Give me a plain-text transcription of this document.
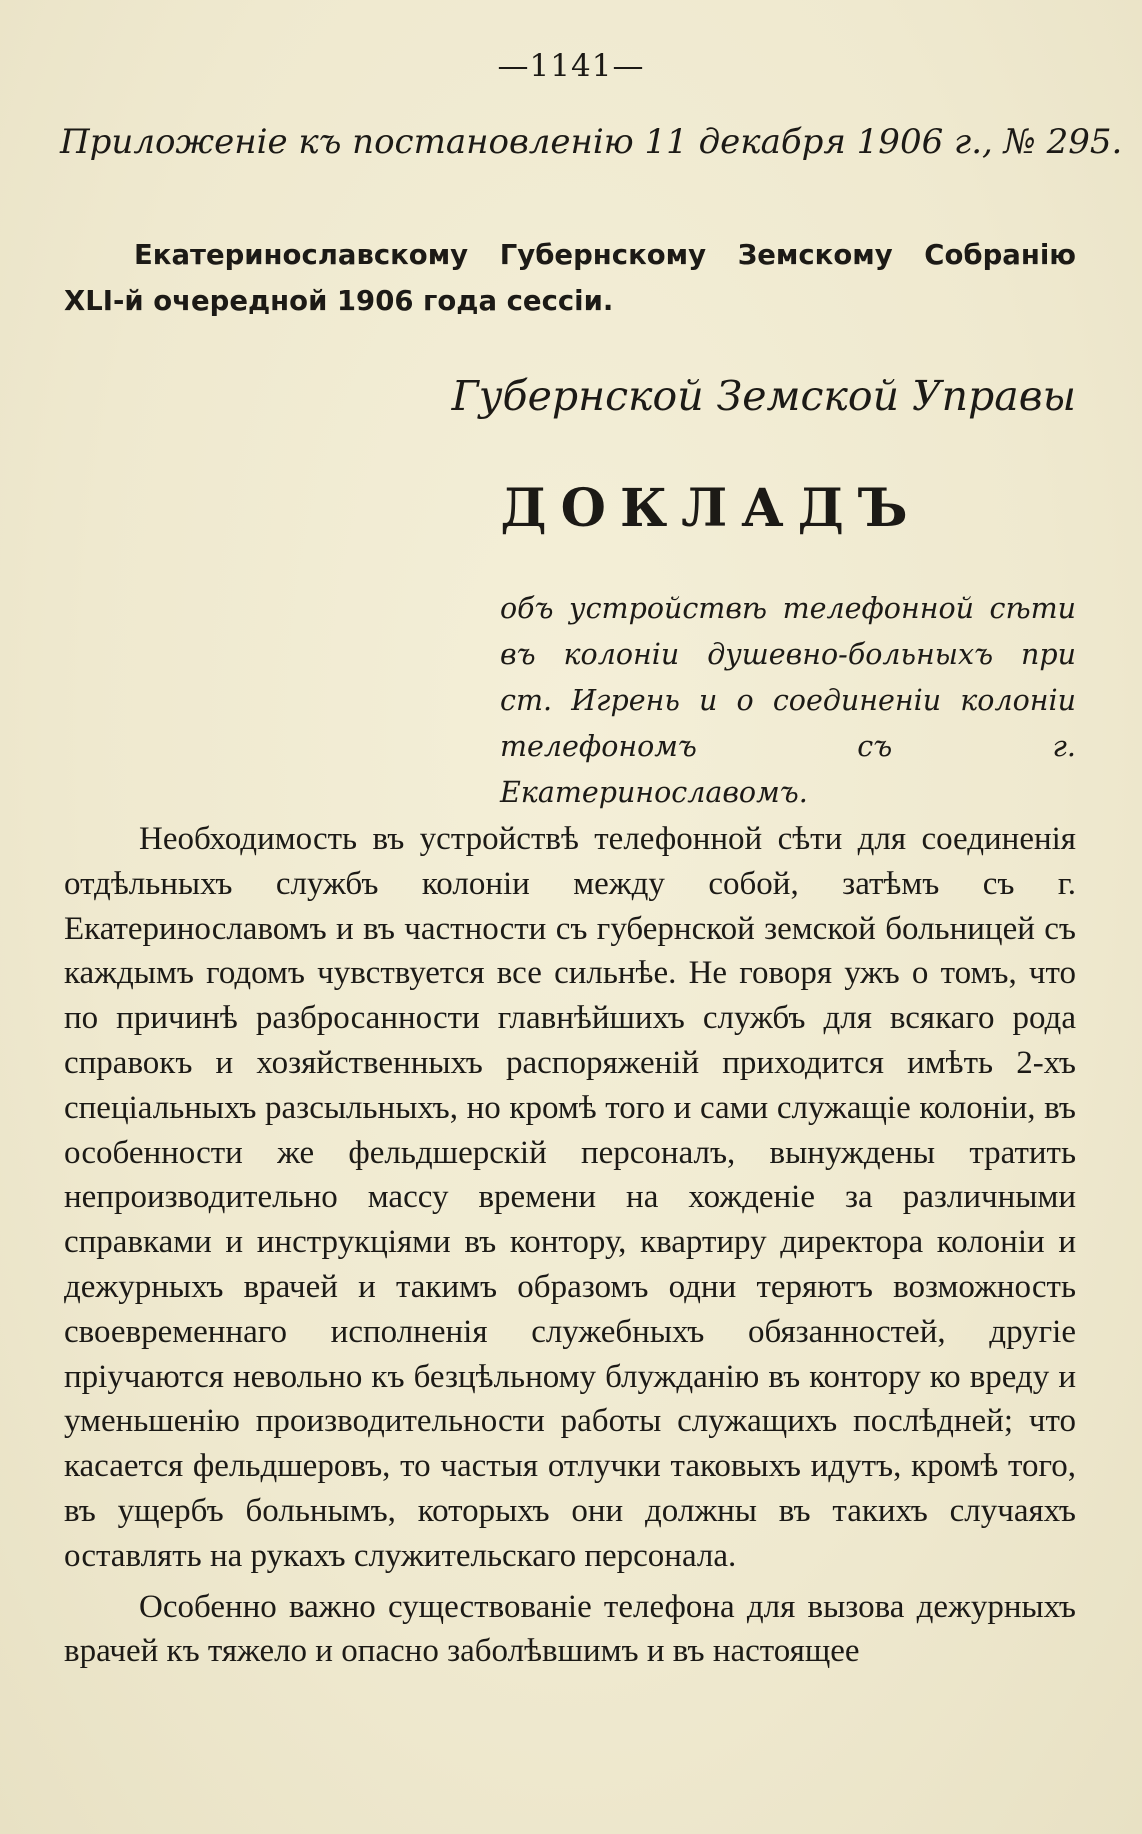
—1141—
Приложенiе къ постановленiю 11 декабря 1906 г., № 295.
Екатеринославскому Губернскому Земскому Собранiю XLI-й очередной 1906 года сессiи.
Губернской Земской Управы
ДОКЛАДЪ
объ устройствѣ телефонной сѣти въ колонiи душевно-больныхъ при ст. Игрень и о соединенiи колонiи телефономъ съ г. Екатеринославомъ.

Необходимость въ устройствѣ телефонной сѣти для соединенiя отдѣльныхъ службъ колонiи между собой, затѣмъ съ г. Екатеринославомъ и въ частности съ губернской земской больницей съ каждымъ годомъ чувствуется все сильнѣе. Не говоря ужъ о томъ, что по причинѣ разбросанности главнѣйшихъ службъ для всякаго рода справокъ и хозяйственныхъ распоряженiй приходится имѣть 2-хъ спецiальныхъ разсыльныхъ, но кромѣ того и сами служащiе колонiи, въ особенности же фельдшерскiй персоналъ, вынуждены тратить непроизводительно массу времени на хожденiе за различными справками и инструкцiями въ контору, квартиру директора колонiи и дежурныхъ врачей и такимъ образомъ одни теряютъ возможность своевременнаго исполненiя служебныхъ обязанностей, другiе прiучаются невольно къ безцѣльному блужданiю въ контору ко вреду и уменьшенiю производительности работы служащихъ послѣдней; что касается фельдшеровъ, то частыя отлучки таковыхъ идутъ, кромѣ того, въ ущербъ больнымъ, которыхъ они должны въ такихъ случаяхъ оставлять на рукахъ служительскаго персонала.

Особенно важно существованiе телефона для вызова дежурныхъ врачей къ тяжело и опасно заболѣвшимъ и въ настоящее
